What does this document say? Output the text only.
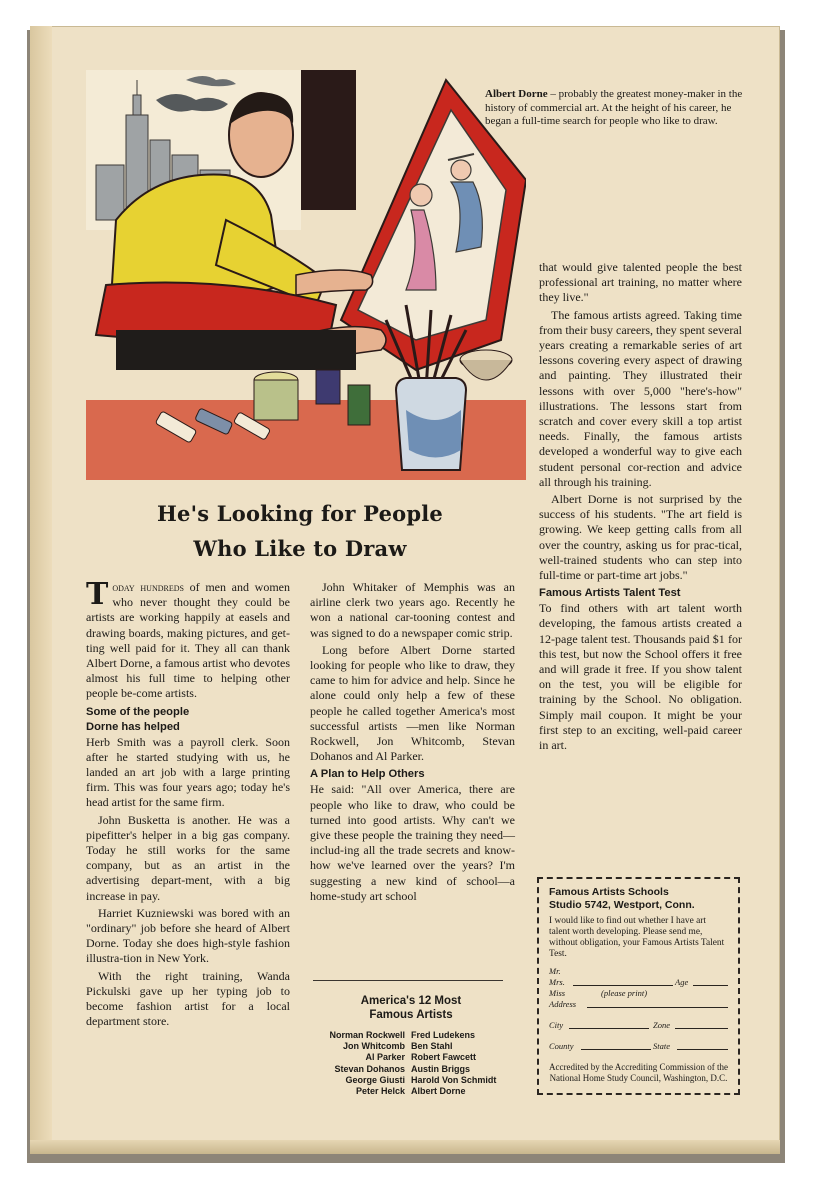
Albert Dorne – probably the greatest money-maker in the history of commercial art. At the height of his career, he began a full-time search for people who like to draw.
He's Looking for People
Who Like to Draw

Today hundreds of men and women who never thought they could be artists are working happily at easels and drawing boards, making pictures, and get-ting well paid for it. They all can thank Albert Dorne, a famous artist who devotes almost his full time to helping other people be-come artists.

Some of the people
Dorne has helped

Herb Smith was a payroll clerk. Soon after he started studying with us, he landed an art job with a large printing firm. This was four years ago; today he's head artist for the same firm.

John Busketta is another. He was a pipefitter's helper in a big gas company. Today he still works for the same company, but as an artist in the advertising depart-ment, with a big increase in pay.

Harriet Kuzniewski was bored with an "ordinary" job before she heard of Albert Dorne. Today she does high-style fashion illustra-tion in New York.

With the right training, Wanda Pickulski gave up her typing job to become fashion artist for a local department store.

John Whitaker of Memphis was an airline clerk two years ago. Recently he won a national car-tooning contest and was signed to do a newspaper comic strip.

Long before Albert Dorne started looking for people who like to draw, they came to him for advice and help. Since he alone could only help a few of these people he called together America's most successful artists —men like Norman Rockwell, Jon Whitcomb, Stevan Dohanos and Al Parker.

A Plan to Help Others

He said: "All over America, there are people who like to draw, who could be turned into good artists. Why can't we give these people the training they need—includ-ing all the trade secrets and know-how we've learned over the years? I'm suggesting a new kind of school—a home-study art school

America's 12 Most
Famous Artists
Norman Rockwell	Fred Ludekens
Jon Whitcomb	Ben Stahl
Al Parker	Robert Fawcett
Stevan Dohanos	Austin Briggs
George Giusti	Harold Von Schmidt
Peter Helck	Albert Dorne

that would give talented people the best professional art training, no matter where they live."

The famous artists agreed. Taking time from their busy careers, they spent several years creating a remarkable series of art lessons covering every aspect of drawing and painting. They illustrated their lessons with over 5,000 "here's-how" illustrations. The lessons start from scratch and cover every skill a top artist needs. Finally, the famous artists developed a wonderful way to give each student personal cor-rection and advice all through his training.

Albert Dorne is not surprised by the success of his students. "The art field is growing. We keep getting calls from all over the country, asking us for prac-tical, well-trained students who can step into full-time or part-time art jobs."

Famous Artists Talent Test

To find others with art talent worth developing, the famous artists created a 12-page talent test. Thousands paid $1 for this test, but now the School offers it free and will grade it free. If you show talent on the test, you will be eligible for training by the School. No obligation. Simply mail coupon. It might be your first step to an exciting, well-paid career in art.

Famous Artists Schools
Studio 5742, Westport, Conn.
I would like to find out whether I have art talent worth developing. Please send me, without obligation, your Famous Artists Talent Test.
Mr.
Mrs.	Age
Miss	(please print)
Address
City	Zone
County	State
Accredited by the Accrediting Commission of the National Home Study Council, Washington, D.C.
